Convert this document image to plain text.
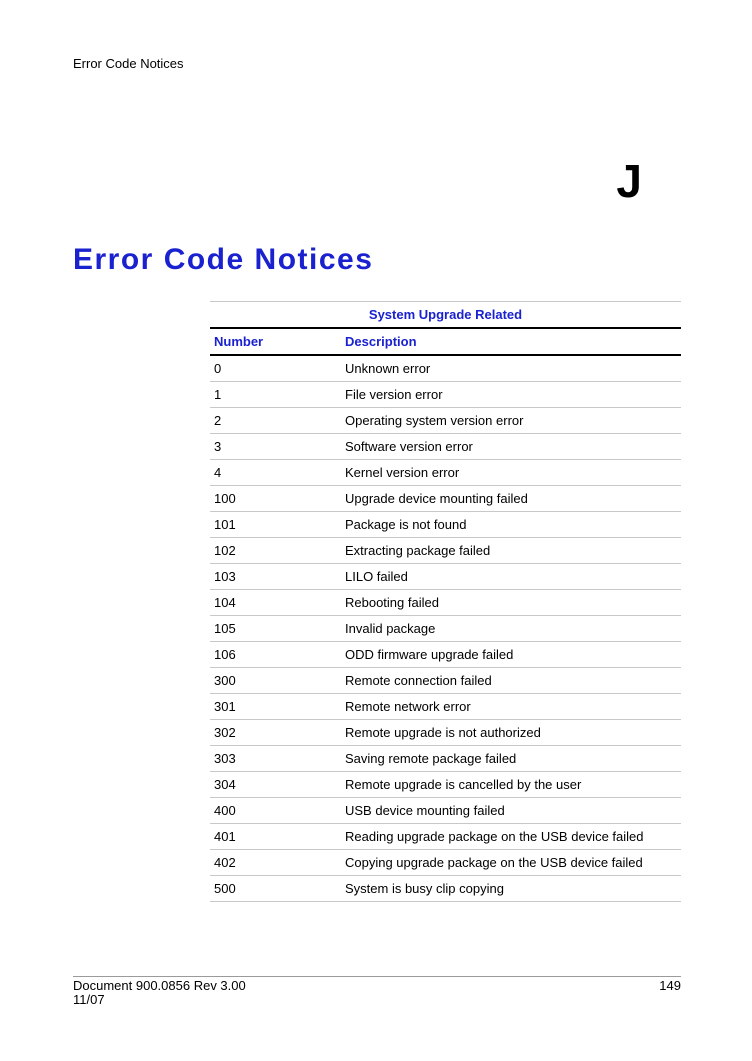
Error Code Notices
J
Error Code Notices
System Upgrade Related
Number	Description
0	Unknown error
1	File version error
2	Operating system version error
3	Software version error
4	Kernel version error
100	Upgrade device mounting failed
101	Package is not found
102	Extracting package failed
103	LILO failed
104	Rebooting failed
105	Invalid package
106	ODD firmware upgrade failed
300	Remote connection failed
301	Remote network error
302	Remote upgrade is not authorized
303	Saving remote package failed
304	Remote upgrade is cancelled by the user
400	USB device mounting failed
401	Reading upgrade package on the USB device failed
402	Copying upgrade package on the USB device failed
500	System is busy clip copying
Document 900.0856 Rev 3.00
11/07
149
